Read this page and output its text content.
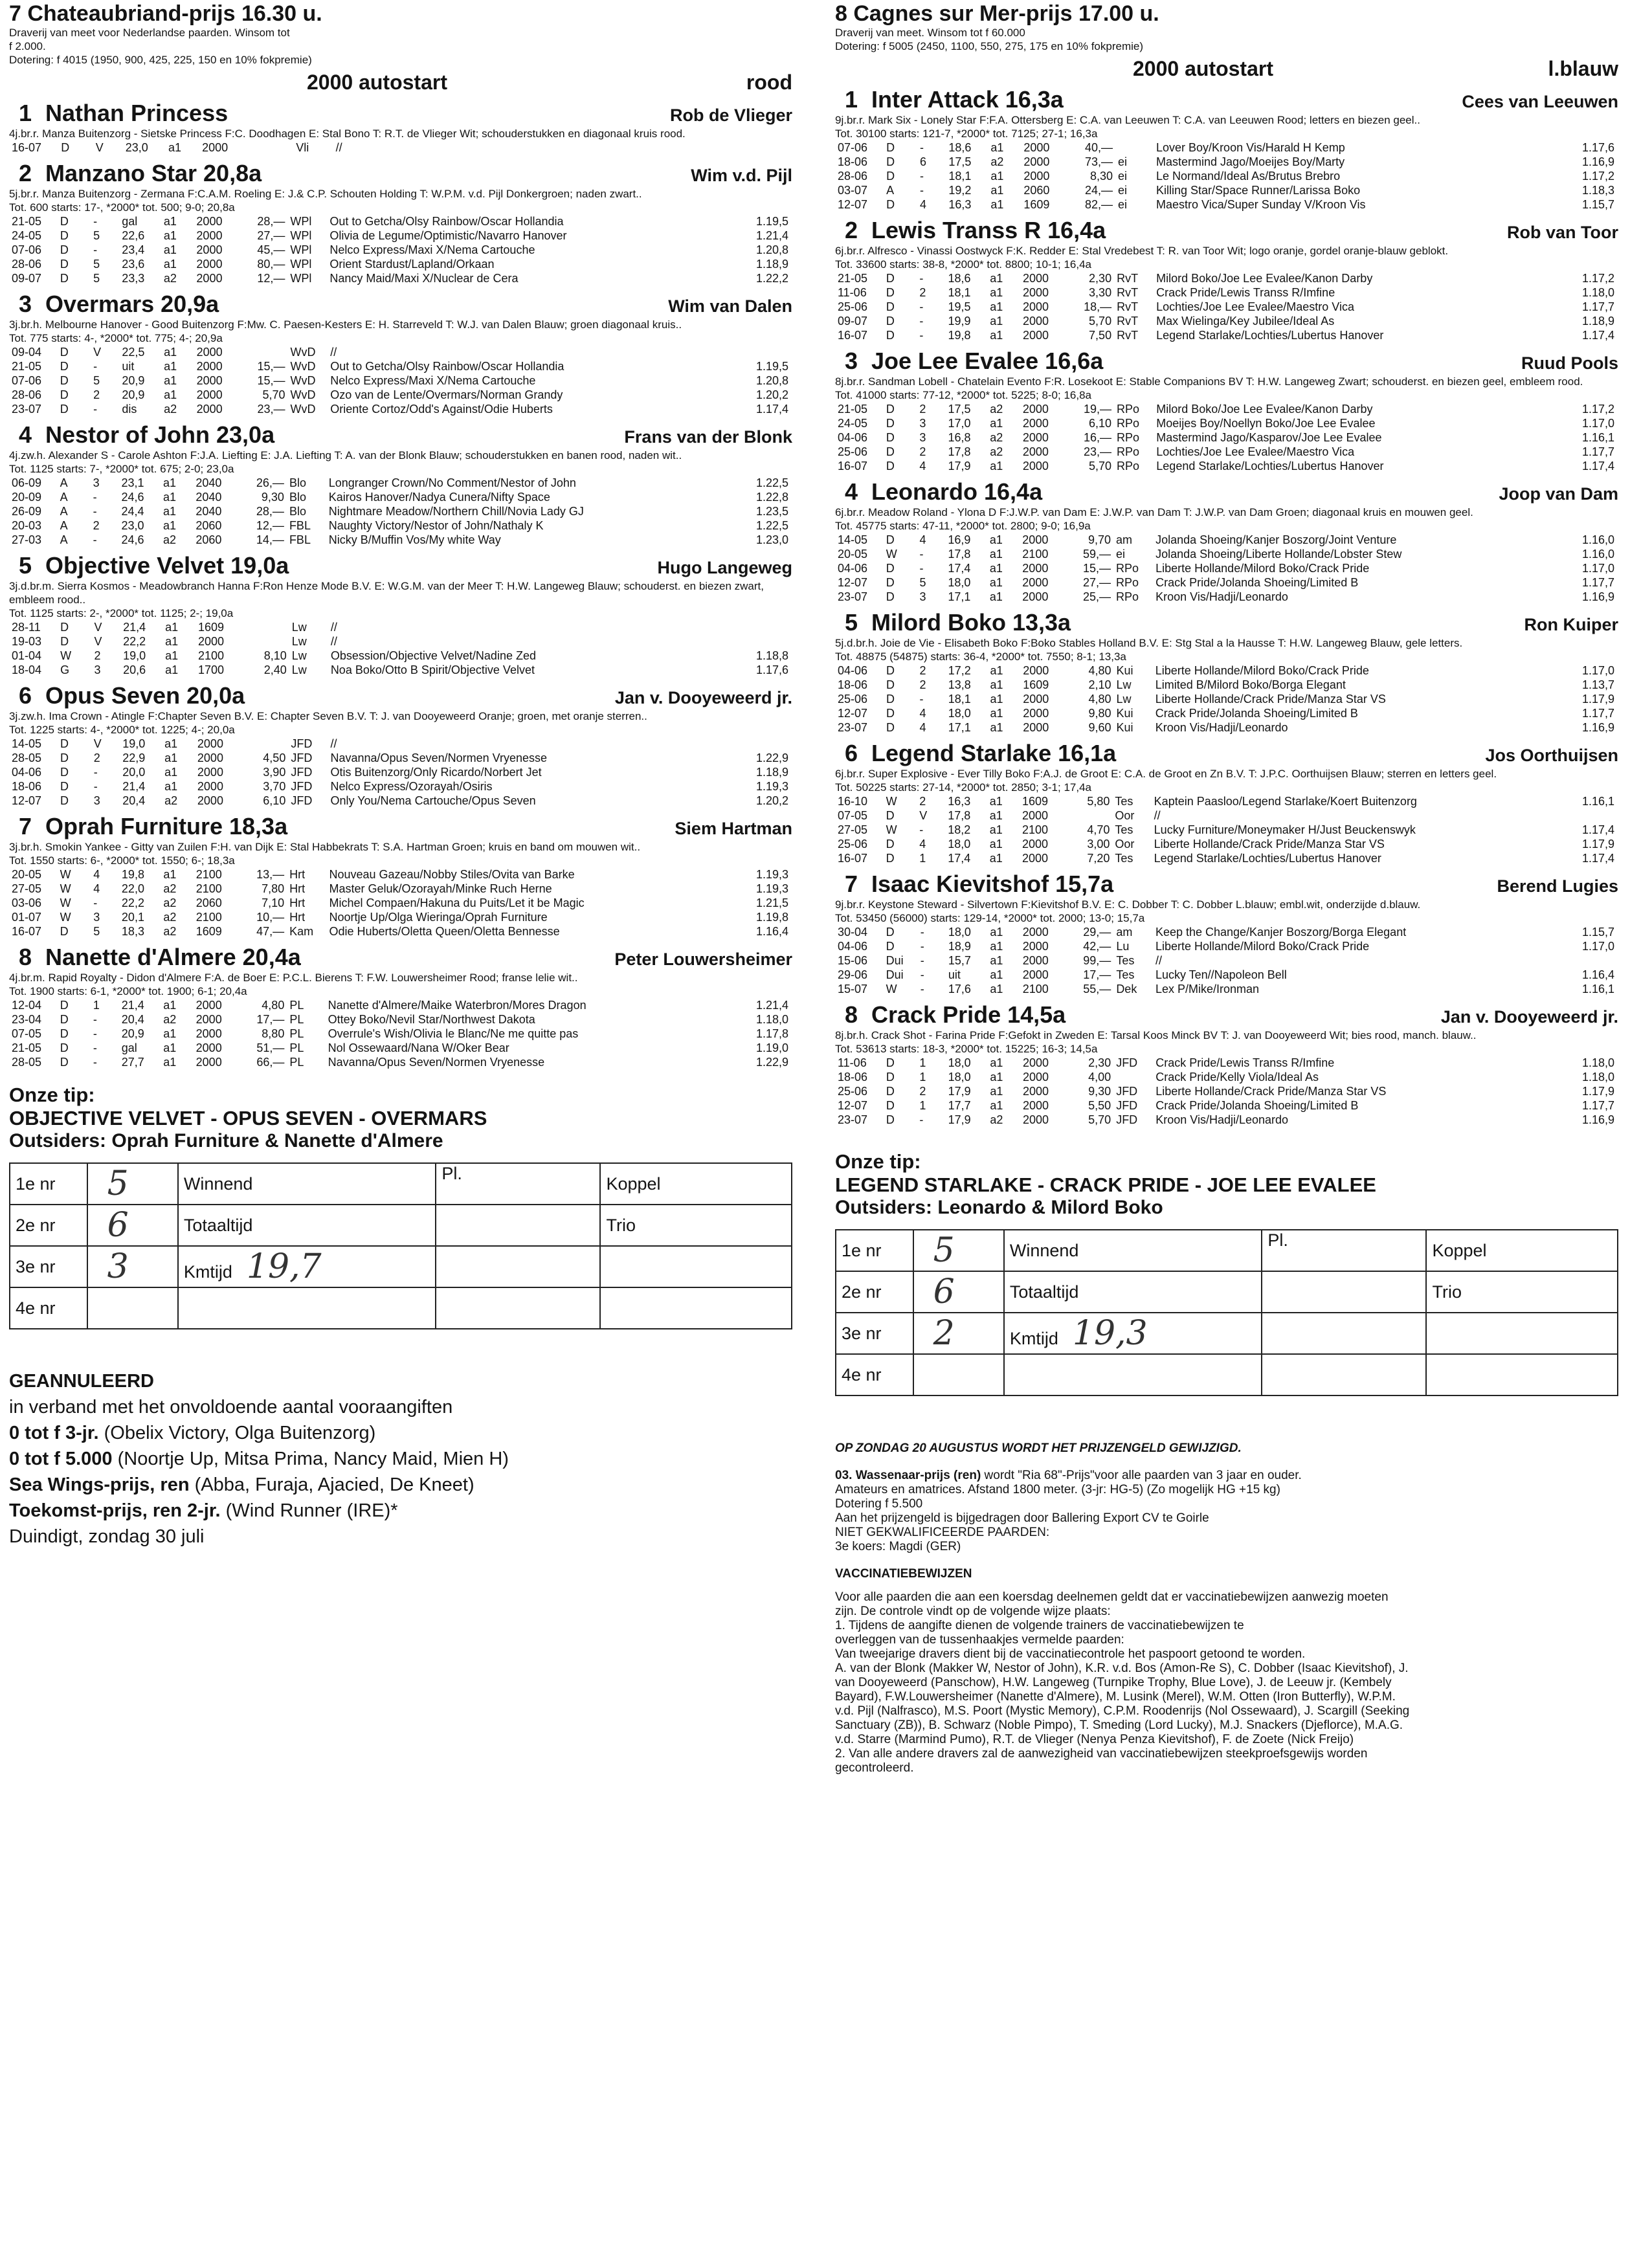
7 Chateaubriand-prijs 16.30 u.
Draverij van meet voor Nederlandse paarden. Winsom tot
f 2.000.
Dotering: f 4015 (1950, 900, 425, 225, 150 en 10% fokpremie)
2000 autostart	rood
1 Nathan Princess	Rob de Vlieger
4j.br.r. Manza Buitenzorg - Sietske Princess F:C. Doodhagen E: Stal Bono T: R.T. de Vlieger Wit; schouderstukken en diagonaal kruis rood.
16-07	D	V	23,0	a1	2000		Vli	//	
2 Manzano Star 20,8a	Wim v.d. Pijl
5j.br.r. Manza Buitenzorg - Zermana F:C.A.M. Roeling E: J.& C.P. Schouten Holding T: W.P.M. v.d. Pijl Donkergroen; naden zwart..
Tot. 600 starts: 17-, *2000* tot. 500; 9-0; 20,8a
21-05	D	-	gal	a1	2000	28,—	WPl	Out to Getcha/Olsy Rainbow/Oscar Hollandia	1.19,5
24-05	D	5	22,6	a1	2000	27,—	WPl	Olivia de Legume/Optimistic/Navarro Hanover	1.21,4
07-06	D	-	23,4	a1	2000	45,—	WPl	Nelco Express/Maxi X/Nema Cartouche	1.20,8
28-06	D	5	23,6	a1	2000	80,—	WPl	Orient Stardust/Lapland/Orkaan	1.18,9
09-07	D	5	23,3	a2	2000	12,—	WPl	Nancy Maid/Maxi X/Nuclear de Cera	1.22,2
3 Overmars 20,9a	Wim van Dalen
3j.br.h. Melbourne Hanover - Good Buitenzorg F:Mw. C. Paesen-Kesters E: H. Starreveld T: W.J. van Dalen Blauw; groen diagonaal kruis..
Tot. 775 starts: 4-, *2000* tot. 775; 4-; 20,9a
09-04	D	V	22,5	a1	2000		WvD	//	
21-05	D	-	uit	a1	2000	15,—	WvD	Out to Getcha/Olsy Rainbow/Oscar Hollandia	1.19,5
07-06	D	5	20,9	a1	2000	15,—	WvD	Nelco Express/Maxi X/Nema Cartouche	1.20,8
28-06	D	2	20,9	a1	2000	5,70	WvD	Ozo van de Lente/Overmars/Norman Grandy	1.20,2
23-07	D	-	dis	a2	2000	23,—	WvD	Oriente Cortoz/Odd's Against/Odie Huberts	1.17,4
4 Nestor of John 23,0a	Frans van der Blonk
4j.zw.h. Alexander S - Carole Ashton F:J.A. Liefting E: J.A. Liefting T: A. van der Blonk Blauw; schouderstukken en banen rood, naden wit..
Tot. 1125 starts: 7-, *2000* tot. 675; 2-0; 23,0a
06-09	A	3	23,1	a1	2040	26,—	Blo	Longranger Crown/No Comment/Nestor of John	1.22,5
20-09	A	-	24,6	a1	2040	9,30	Blo	Kairos Hanover/Nadya Cunera/Nifty Space	1.22,8
26-09	A	-	24,4	a1	2040	28,—	Blo	Nightmare Meadow/Northern Chill/Novia Lady GJ	1.23,5
20-03	A	2	23,0	a1	2060	12,—	FBL	Naughty Victory/Nestor of John/Nathaly K	1.22,5
27-03	A	-	24,6	a2	2060	14,—	FBL	Nicky B/Muffin Vos/My white Way	1.23,0
5 Objective Velvet 19,0a	Hugo Langeweg
3j.d.br.m. Sierra Kosmos - Meadowbranch Hanna F:Ron Henze Mode B.V. E: W.G.M. van der Meer T: H.W. Langeweg Blauw; schouderst. en biezen zwart, embleem rood..
Tot. 1125 starts: 2-, *2000* tot. 1125; 2-; 19,0a
28-11	D	V	21,4	a1	1609		Lw	//	
19-03	D	V	22,2	a1	2000		Lw	//	
01-04	W	2	19,0	a1	2100	8,10	Lw	Obsession/Objective Velvet/Nadine Zed	1.18,8
18-04	G	3	20,6	a1	1700	2,40	Lw	Noa Boko/Otto B Spirit/Objective Velvet	1.17,6
6 Opus Seven 20,0a	Jan v. Dooyeweerd jr.
3j.zw.h. Ima Crown - Atingle F:Chapter Seven B.V. E: Chapter Seven B.V. T: J. van Dooyeweerd Oranje; groen, met oranje sterren..
Tot. 1225 starts: 4-, *2000* tot. 1225; 4-; 20,0a
14-05	D	V	19,0	a1	2000		JFD	//	
28-05	D	2	22,9	a1	2000	4,50	JFD	Navanna/Opus Seven/Normen Vryenesse	1.22,9
04-06	D	-	20,0	a1	2000	3,90	JFD	Otis Buitenzorg/Only Ricardo/Norbert Jet	1.18,9
18-06	D	-	21,4	a1	2000	3,70	JFD	Nelco Express/Ozorayah/Osiris	1.19,3
12-07	D	3	20,4	a2	2000	6,10	JFD	Only You/Nema Cartouche/Opus Seven	1.20,2
7 Oprah Furniture 18,3a	Siem Hartman
3j.br.h. Smokin Yankee - Gitty van Zuilen F:H. van Dijk E: Stal Habbekrats T: S.A. Hartman Groen; kruis en band om mouwen wit..
Tot. 1550 starts: 6-, *2000* tot. 1550; 6-; 18,3a
20-05	W	4	19,8	a1	2100	13,—	Hrt	Nouveau Gazeau/Nobby Stiles/Ovita van Barke	1.19,3
27-05	W	4	22,0	a2	2100	7,80	Hrt	Master Geluk/Ozorayah/Minke Ruch Herne	1.19,3
03-06	W	-	22,2	a2	2060	7,10	Hrt	Michel Compaen/Hakuna du Puits/Let it be Magic	1.21,5
01-07	W	3	20,1	a2	2100	10,—	Hrt	Noortje Up/Olga Wieringa/Oprah Furniture	1.19,8
16-07	D	5	18,3	a2	1609	47,—	Kam	Odie Huberts/Oletta Queen/Oletta Bennesse	1.16,4
8 Nanette d'Almere 20,4a	Peter Louwersheimer
4j.br.m. Rapid Royalty - Didon d'Almere F:A. de Boer E: P.C.L. Bierens T: F.W. Louwersheimer Rood; franse lelie wit..
Tot. 1900 starts: 6-1, *2000* tot. 1900; 6-1; 20,4a
12-04	D	1	21,4	a1	2000	4,80	PL	Nanette d'Almere/Maike Waterbron/Mores Dragon	1.21,4
23-04	D	-	20,4	a2	2000	17,—	PL	Ottey Boko/Nevil Star/Northwest Dakota	1.18,0
07-05	D	-	20,9	a1	2000	8,80	PL	Overrule's Wish/Olivia le Blanc/Ne me quitte pas	1.17,8
21-05	D	-	gal	a1	2000	51,—	PL	Nol Ossewaard/Nana W/Oker Bear	1.19,0
28-05	D	-	27,7	a1	2000	66,—	PL	Navanna/Opus Seven/Normen Vryenesse	1.22,9
Onze tip:
OBJECTIVE VELVET - OPUS SEVEN - OVERMARS
Outsiders: Oprah Furniture & Nanette d'Almere
1e nr	5	Winnend	Pl.	Koppel
2e nr	6	Totaaltijd		Trio
3e nr	3	Kmtijd 19,7		
4e nr				
GEANNULEERD
in verband met het onvoldoende aantal vooraangiften
0 tot f 3-jr. (Obelix Victory, Olga Buitenzorg)
0 tot f 5.000 (Noortje Up, Mitsa Prima, Nancy Maid, Mien H)
Sea Wings-prijs, ren (Abba, Furaja, Ajacied, De Kneet)
Toekomst-prijs, ren 2-jr. (Wind Runner (IRE)*
Duindigt, zondag 30 juli
8 Cagnes sur Mer-prijs 17.00 u.
Draverij van meet. Winsom tot f 60.000
Dotering: f 5005 (2450, 1100, 550, 275, 175 en 10% fokpremie)
2000 autostart	l.blauw
1 Inter Attack 16,3a	Cees van Leeuwen
9j.br.r. Mark Six - Lonely Star F:F.A. Ottersberg E: C.A. van Leeuwen T: C.A. van Leeuwen Rood; letters en biezen geel..
Tot. 30100 starts: 121-7, *2000* tot. 7125; 27-1; 16,3a
07-06	D	-	18,6	a1	2000	40,—		Lover Boy/Kroon Vis/Harald H Kemp	1.17,6
18-06	D	6	17,5	a2	2000	73,—	ei	Mastermind Jago/Moeijes Boy/Marty	1.16,9
28-06	D	-	18,1	a1	2000	8,30	ei	Le Normand/Ideal As/Brutus Brebro	1.17,2
03-07	A	-	19,2	a1	2060	24,—	ei	Killing Star/Space Runner/Larissa Boko	1.18,3
12-07	D	4	16,3	a1	1609	82,—	ei	Maestro Vica/Super Sunday V/Kroon Vis	1.15,7
2 Lewis Transs R 16,4a	Rob van Toor
6j.br.r. Alfresco - Vinassi Oostwyck F:K. Redder E: Stal Vredebest T: R. van Toor Wit; logo oranje, gordel oranje-blauw geblokt.
Tot. 33600 starts: 38-8, *2000* tot. 8800; 10-1; 16,4a
21-05	D	-	18,6	a1	2000	2,30	RvT	Milord Boko/Joe Lee Evalee/Kanon Darby	1.17,2
11-06	D	2	18,1	a1	2000	3,30	RvT	Crack Pride/Lewis Transs R/Imfine	1.18,0
25-06	D	-	19,5	a1	2000	18,—	RvT	Lochties/Joe Lee Evalee/Maestro Vica	1.17,7
09-07	D	-	19,9	a1	2000	5,70	RvT	Max Wielinga/Key Jubilee/Ideal As	1.18,9
16-07	D	-	19,8	a1	2000	7,50	RvT	Legend Starlake/Lochties/Lubertus Hanover	1.17,4
3 Joe Lee Evalee 16,6a	Ruud Pools
8j.br.r. Sandman Lobell - Chatelain Evento F:R. Losekoot E: Stable Companions BV T: H.W. Langeweg Zwart; schouderst. en biezen geel, embleem rood.
Tot. 41000 starts: 77-12, *2000* tot. 5225; 8-0; 16,8a
21-05	D	2	17,5	a2	2000	19,—	RPo	Milord Boko/Joe Lee Evalee/Kanon Darby	1.17,2
24-05	D	3	17,0	a1	2000	6,10	RPo	Moeijes Boy/Noellyn Boko/Joe Lee Evalee	1.17,0
04-06	D	3	16,8	a2	2000	16,—	RPo	Mastermind Jago/Kasparov/Joe Lee Evalee	1.16,1
25-06	D	2	17,8	a2	2000	23,—	RPo	Lochties/Joe Lee Evalee/Maestro Vica	1.17,7
16-07	D	4	17,9	a1	2000	5,70	RPo	Legend Starlake/Lochties/Lubertus Hanover	1.17,4
4 Leonardo 16,4a	Joop van Dam
6j.br.r. Meadow Roland - Ylona D F:J.W.P. van Dam E: J.W.P. van Dam T: J.W.P. van Dam Groen; diagonaal kruis en mouwen geel.
Tot. 45775 starts: 47-11, *2000* tot. 2800; 9-0; 16,9a
14-05	D	4	16,9	a1	2000	9,70	am	Jolanda Shoeing/Kanjer Boszorg/Joint Venture	1.16,0
20-05	W	-	17,8	a1	2100	59,—	ei	Jolanda Shoeing/Liberte Hollande/Lobster Stew	1.16,0
04-06	D	-	17,4	a1	2000	15,—	RPo	Liberte Hollande/Milord Boko/Crack Pride	1.17,0
12-07	D	5	18,0	a1	2000	27,—	RPo	Crack Pride/Jolanda Shoeing/Limited B	1.17,7
23-07	D	3	17,1	a1	2000	25,—	RPo	Kroon Vis/Hadji/Leonardo	1.16,9
5 Milord Boko 13,3a	Ron Kuiper
5j.d.br.h. Joie de Vie - Elisabeth Boko F:Boko Stables Holland B.V. E: Stg Stal a la Hausse T: H.W. Langeweg Blauw, gele letters.
Tot. 48875 (54875) starts: 36-4, *2000* tot. 7550; 8-1; 13,3a
04-06	D	2	17,2	a1	2000	4,80	Kui	Liberte Hollande/Milord Boko/Crack Pride	1.17,0
18-06	D	2	13,8	a1	1609	2,10	Lw	Limited B/Milord Boko/Borga Elegant	1.13,7
25-06	D	-	18,1	a1	2000	4,80	Lw	Liberte Hollande/Crack Pride/Manza Star VS	1.17,9
12-07	D	4	18,0	a1	2000	9,80	Kui	Crack Pride/Jolanda Shoeing/Limited B	1.17,7
23-07	D	4	17,1	a1	2000	9,60	Kui	Kroon Vis/Hadji/Leonardo	1.16,9
6 Legend Starlake 16,1a	Jos Oorthuijsen
6j.br.r. Super Explosive - Ever Tilly Boko F:A.J. de Groot E: C.A. de Groot en Zn B.V. T: J.P.C. Oorthuijsen Blauw; sterren en letters geel.
Tot. 50225 starts: 27-14, *2000* tot. 2850; 3-1; 17,4a
16-10	W	2	16,3	a1	1609	5,80	Tes	Kaptein Paasloo/Legend Starlake/Koert Buitenzorg	1.16,1
07-05	D	V	17,8	a1	2000		Oor	//	
27-05	W	-	18,2	a1	2100	4,70	Tes	Lucky Furniture/Moneymaker H/Just Beuckenswyk	1.17,4
25-06	D	4	18,0	a1	2000	3,00	Oor	Liberte Hollande/Crack Pride/Manza Star VS	1.17,9
16-07	D	1	17,4	a1	2000	7,20	Tes	Legend Starlake/Lochties/Lubertus Hanover	1.17,4
7 Isaac Kievitshof 15,7a	Berend Lugies
9j.br.r. Keystone Steward - Silvertown F:Kievitshof B.V. E: C. Dobber T: C. Dobber L.blauw; embl.wit, onderzijde d.blauw.
Tot. 53450 (56000) starts: 129-14, *2000* tot. 2000; 13-0; 15,7a
30-04	D	-	18,0	a1	2000	29,—	am	Keep the Change/Kanjer Boszorg/Borga Elegant	1.15,7
04-06	D	-	18,9	a1	2000	42,—	Lu	Liberte Hollande/Milord Boko/Crack Pride	1.17,0
15-06	Dui	-	15,7	a1	2000	99,—	Tes	//	
29-06	Dui	-	uit	a1	2000	17,—	Tes	Lucky Ten//Napoleon Bell	1.16,4
15-07	W	-	17,6	a1	2100	55,—	Dek	Lex P/Mike/Ironman	1.16,1
8 Crack Pride 14,5a	Jan v. Dooyeweerd jr.
8j.br.h. Crack Shot - Farina Pride F:Gefokt in Zweden E: Tarsal Koos Minck BV T: J. van Dooyeweerd Wit; bies rood, manch. blauw..
Tot. 53613 starts: 18-3, *2000* tot. 15225; 16-3; 14,5a
11-06	D	1	18,0	a1	2000	2,30	JFD	Crack Pride/Lewis Transs R/Imfine	1.18,0
18-06	D	1	18,0	a1	2000	4,00		Crack Pride/Kelly Viola/Ideal As	1.18,0
25-06	D	2	17,9	a1	2000	9,30	JFD	Liberte Hollande/Crack Pride/Manza Star VS	1.17,9
12-07	D	1	17,7	a1	2000	5,50	JFD	Crack Pride/Jolanda Shoeing/Limited B	1.17,7
23-07	D	-	17,9	a2	2000	5,70	JFD	Kroon Vis/Hadji/Leonardo	1.16,9
Onze tip:
LEGEND STARLAKE - CRACK PRIDE - JOE LEE EVALEE
Outsiders: Leonardo & Milord Boko
1e nr	5	Winnend	Pl.	Koppel
2e nr	6	Totaaltijd		Trio
3e nr	2	Kmtijd 19,3		
4e nr				
OP ZONDAG 20 AUGUSTUS WORDT HET PRIJZENGELD GEWIJZIGD.
03. Wassenaar-prijs (ren) wordt "Ria 68"-Prijs"voor alle paarden van 3 jaar en ouder.
Amateurs en amatrices. Afstand 1800 meter. (3-jr: HG-5) (Zo mogelijk HG +15 kg)
Dotering f 5.500
Aan het prijzengeld is bijgedragen door Ballering Export CV te Goirle
NIET GEKWALIFICEERDE PAARDEN:
3e koers: Magdi (GER)
VACCINATIEBEWIJZEN
Voor alle paarden die aan een koersdag deelnemen geldt dat er vaccinatiebewijzen aanwezig moeten
zijn. De controle vindt op de volgende wijze plaats:
1. Tijdens de aangifte dienen de volgende trainers de vaccinatiebewijzen te
overleggen van de tussenhaakjes vermelde paarden:
Van tweejarige dravers dient bij de vaccinatiecontrole het paspoort getoond te worden.
A. van der Blonk (Makker W, Nestor of John), K.R. v.d. Bos (Amon-Re S), C. Dobber (Isaac Kievitshof), J.
van Dooyeweerd (Panschow), H.W. Langeweg (Turnpike Trophy, Blue Love), J. de Leeuw jr. (Kembely
Bayard), F.W.Louwersheimer (Nanette d'Almere), M. Lusink (Merel), W.M. Otten (Iron Butterfly), W.P.M.
v.d. Pijl (Nalfrasco), M.S. Poort (Mystic Memory), C.P.M. Roodenrijs (Nol Ossewaard), J. Scargill (Seeking
Sanctuary (ZB)), B. Schwarz (Noble Pimpo), T. Smeding (Lord Lucky), M.J. Snackers (Djeflorce), M.A.G.
v.d. Starre (Marmind Pumo), R.T. de Vlieger (Nenya Penza Kievitshof), F. de Zoete (Nick Freijo)
2. Van alle andere dravers zal de aanwezigheid van vaccinatiebewijzen steekproefsgewijs worden
gecontroleerd.
